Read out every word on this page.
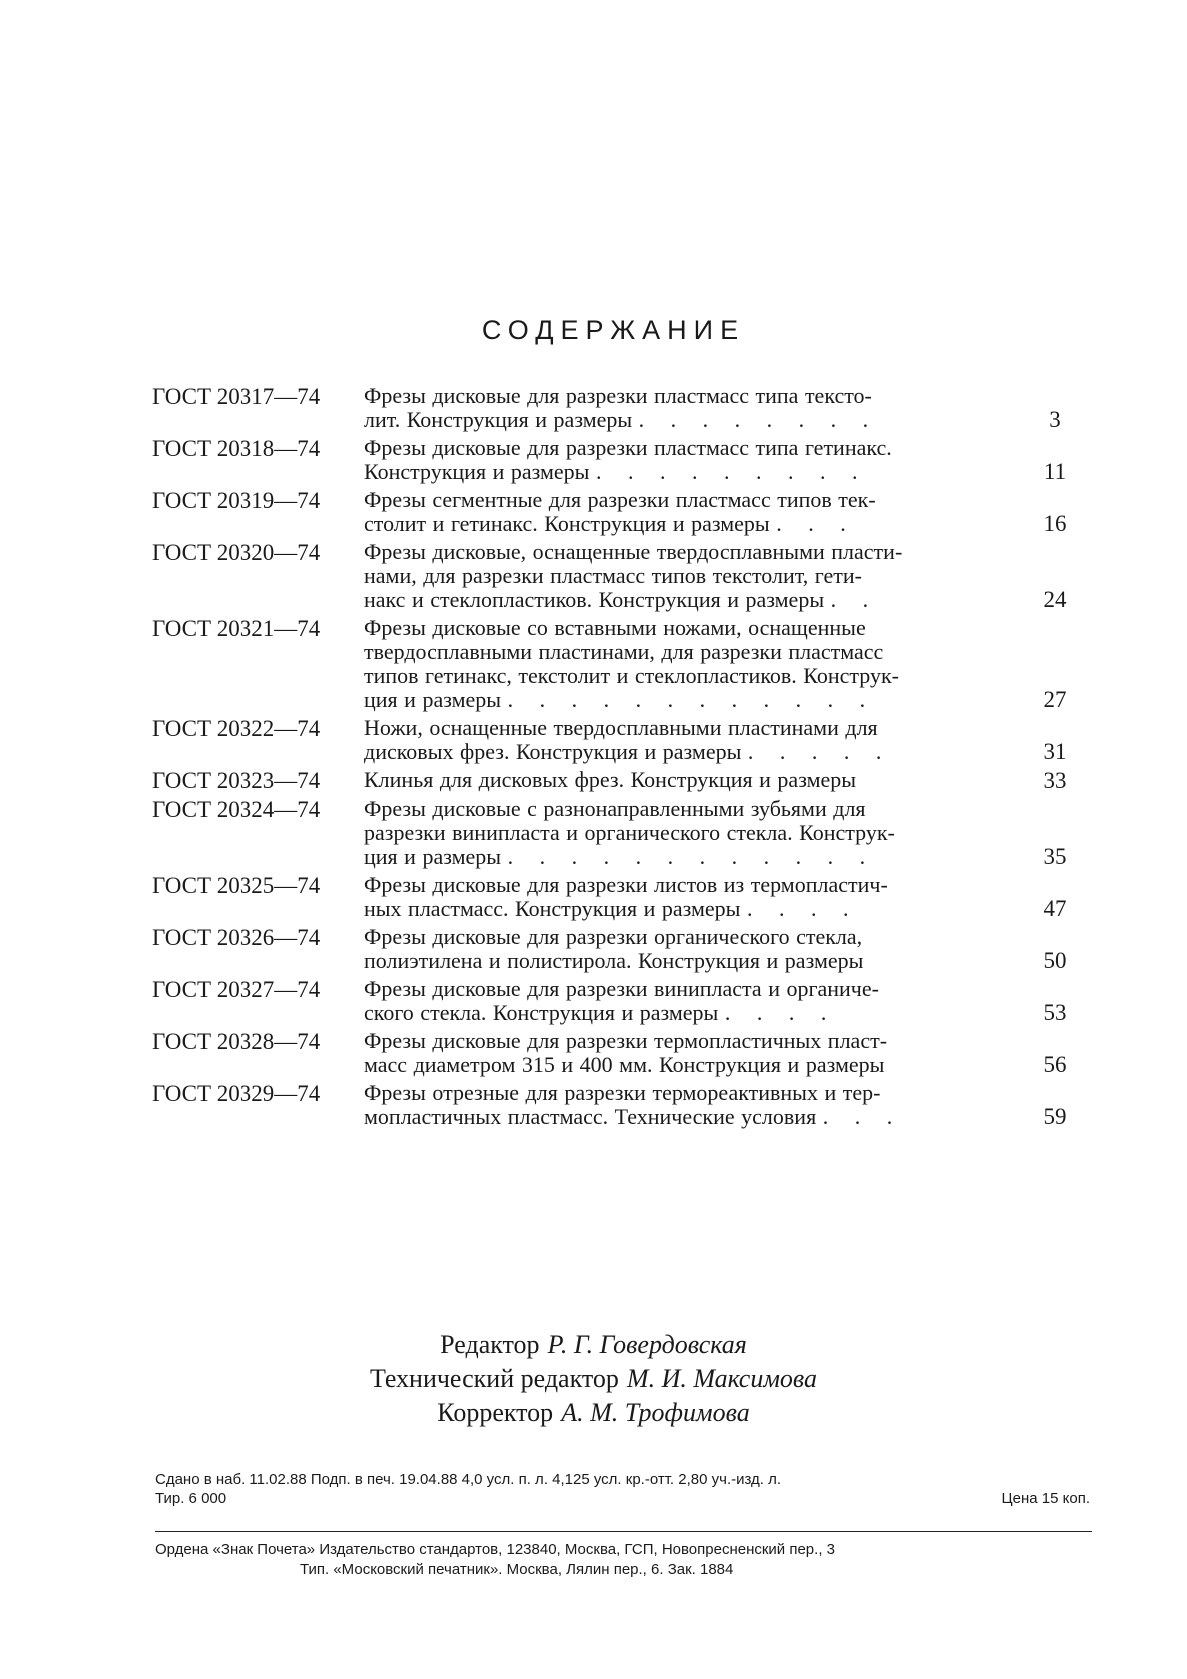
СОДЕРЖАНИЕ
ГОСТ 20317—74	Фрезы дисковые для разрезки пластмасс типа тексто-
лит. Конструкция и размеры . . . . . . . .	3
ГОСТ 20318—74	Фрезы дисковые для разрезки пластмасс типа гетинакс.
Конструкция и размеры . . . . . . . . .	11
ГОСТ 20319—74	Фрезы сегментные для разрезки пластмасс типов тек-
столит и гетинакс. Конструкция и размеры . . .	16
ГОСТ 20320—74	Фрезы дисковые, оснащенные твердосплавными пласти-
нами, для разрезки пластмасс типов текстолит, гети-
накс и стеклопластиков. Конструкция и размеры . .	24
ГОСТ 20321—74	Фрезы дисковые со вставными ножами, оснащенные
твердосплавными пластинами, для разрезки пластмасс
типов гетинакс, текстолит и стеклопластиков. Конструк-
ция и размеры . . . . . . . . . . . .	27
ГОСТ 20322—74	Ножи, оснащенные твердосплавными пластинами для
дисковых фрез. Конструкция и размеры . . . . .	31
ГОСТ 20323—74	Клинья для дисковых фрез. Конструкция и размеры	33
ГОСТ 20324—74	Фрезы дисковые с разнонаправленными зубьями для
разрезки винипласта и органического стекла. Конструк-
ция и размеры . . . . . . . . . . . .	35
ГОСТ 20325—74	Фрезы дисковые для разрезки листов из термопластич-
ных пластмасс. Конструкция и размеры . . . .	47
ГОСТ 20326—74	Фрезы дисковые для разрезки органического стекла,
полиэтилена и полистирола. Конструкция и размеры	50
ГОСТ 20327—74	Фрезы дисковые для разрезки винипласта и органиче-
ского стекла. Конструкция и размеры . . . .	53
ГОСТ 20328—74	Фрезы дисковые для разрезки термопластичных пласт-
масс диаметром 315 и 400 мм. Конструкция и размеры	56
ГОСТ 20329—74	Фрезы отрезные для разрезки термореактивных и тер-
мопластичных пластмасс. Технические условия . . .	59
Редактор Р. Г. Говердовская
Технический редактор М. И. Максимова
Корректор А. М. Трофимова
Сдано в наб. 11.02.88 Подп. в печ. 19.04.88 4,0 усл. п. л. 4,125 усл. кр.-отт. 2,80 уч.-изд. л.
Тир. 6 000	Цена 15 коп.
Ордена «Знак Почета» Издательство стандартов, 123840, Москва, ГСП, Новопресненский пер., 3
Тип. «Московский печатник». Москва, Лялин пер., 6. Зак. 1884
